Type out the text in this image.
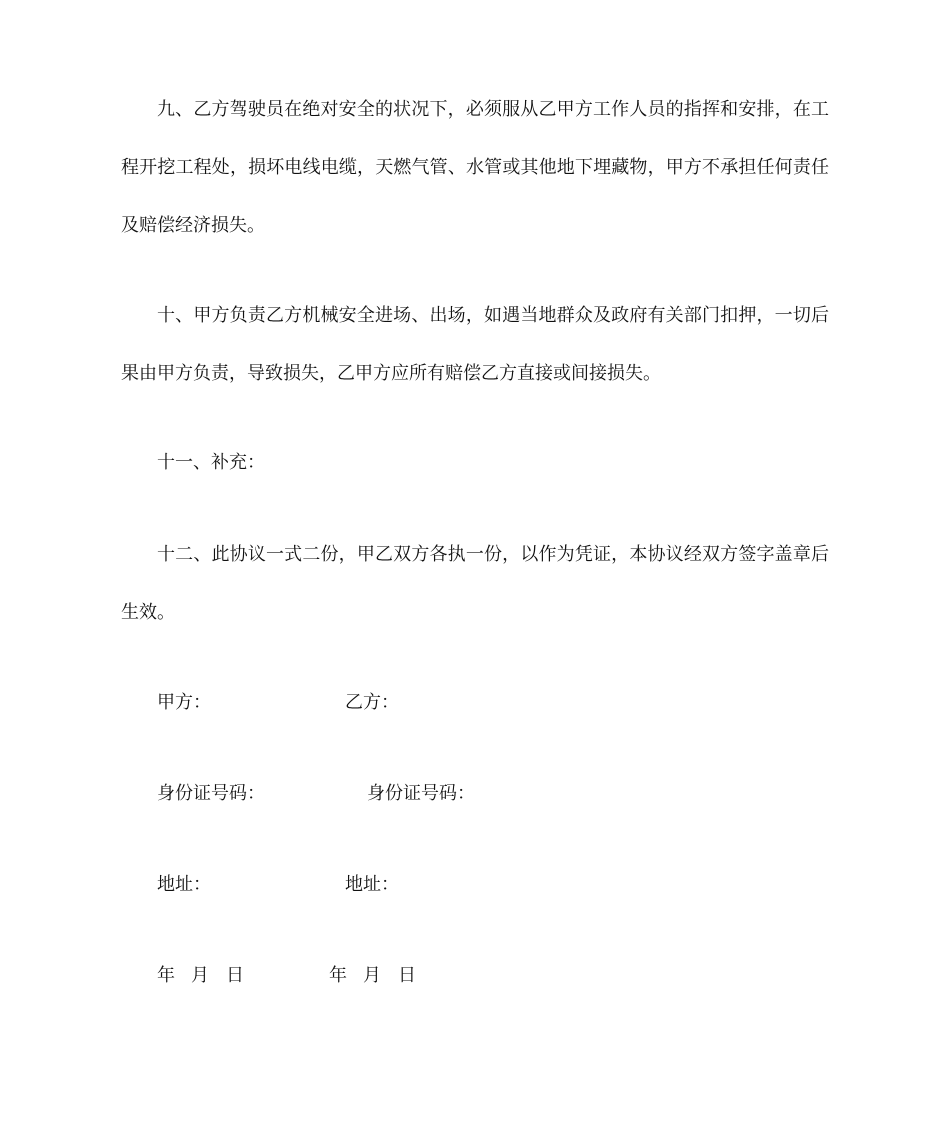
九、乙方驾驶员在绝对安全的状况下，必须服从乙甲方工作人员的指挥和安排，在工程开挖工程处，损坏电线电缆，天燃气管、水管或其他地下埋藏物，甲方不承担任何责任及赔偿经济损失。

十、甲方负责乙方机械安全进场、出场，如遇当地群众及政府有关部门扣押，一切后果由甲方负责，导致损失，乙甲方应所有赔偿乙方直接或间接损失。

十一、补充：

十二、此协议一式二份，甲乙双方各执一份，以作为凭证，本协议经双方签字盖章后生效。

甲方：	乙方：

身份证号码：	身份证号码：

地址：	地址：

年 月 日	年 月 日
